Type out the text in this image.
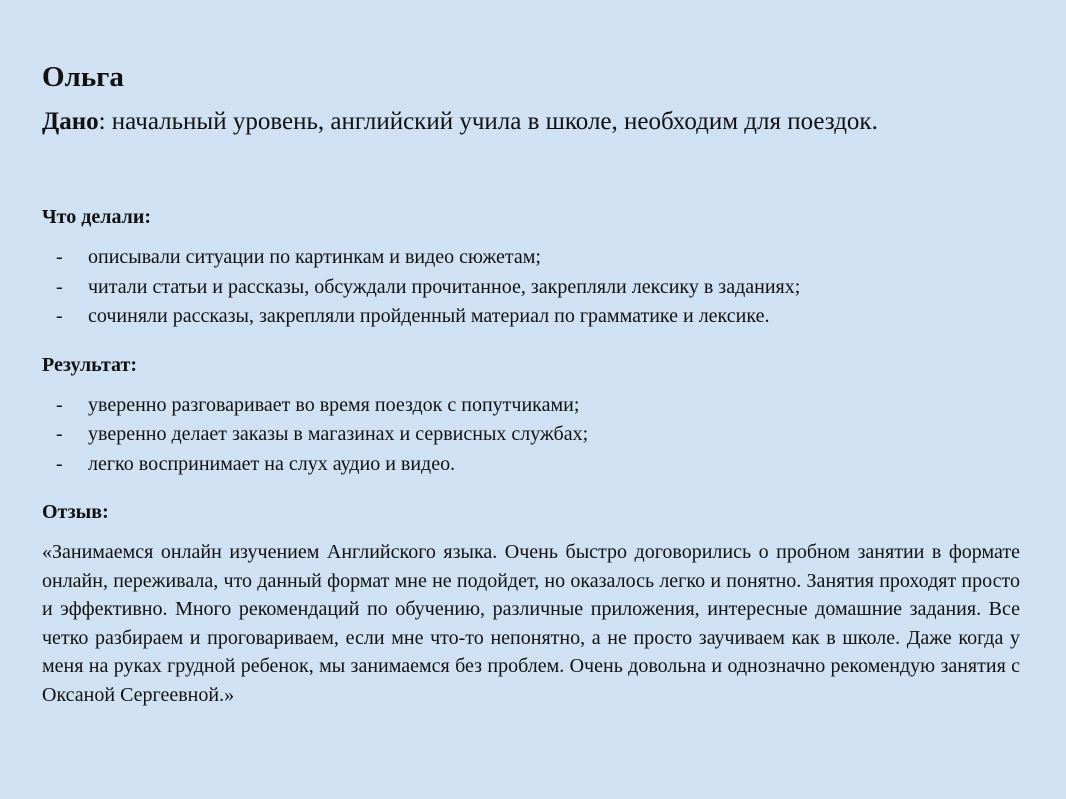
Ольга

Дано: начальный уровень, английский учила в школе, необходим для поездок.

Что делали:
- описывали ситуации по картинкам и видео сюжетам;
- читали статьи и рассказы, обсуждали прочитанное, закрепляли лексику в заданиях;
- сочиняли рассказы, закрепляли пройденный материал по грамматике и лексике.
Результат:
- уверенно разговаривает во время поездок с попутчиками;
- уверенно делает заказы в магазинах и сервисных службах;
- легко воспринимает на слух аудио и видео.
Отзыв:

«Занимаемся онлайн изучением Английского языка. Очень быстро договорились о пробном занятии в формате онлайн, переживала, что данный формат мне не подойдет, но оказалось легко и понятно. Занятия проходят просто и эффективно. Много рекомендаций по обучению, различные приложения, интересные домашние задания. Все четко разбираем и проговариваем, если мне что-то непонятно, а не просто заучиваем как в школе. Даже когда у меня на руках грудной ребенок, мы занимаемся без проблем. Очень довольна и однозначно рекомендую занятия с Оксаной Сергеевной.»
